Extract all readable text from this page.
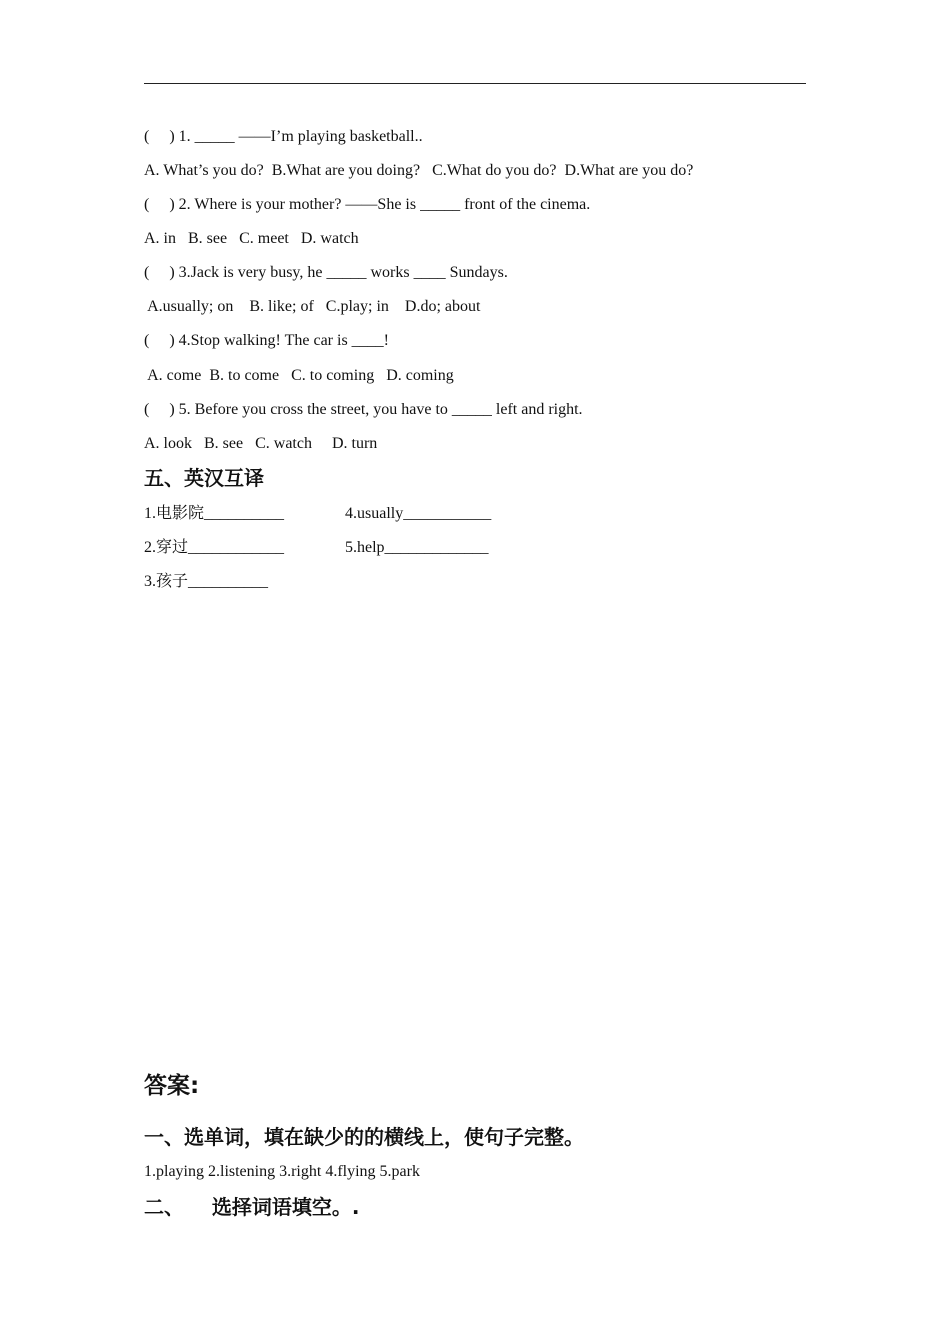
(     ) 1. _____ ——I’m playing basketball..
A. What’s you do?  B.What are you doing?   C.What do you do?  D.What are you do?
(     ) 2. Where is your mother? ——She is _____ front of the cinema.
A. in   B. see   C. meet   D. watch
(     ) 3.Jack is very busy, he _____ works ____ Sundays.
A.usually; on    B. like; of   C.play; in    D.do; about
(     ) 4.Stop walking! The car is ____!
A. come  B. to come   C. to coming   D. coming
(     ) 5. Before you cross the street, you have to _____ left and right.
A. look   B. see   C. watch     D. turn
五、英汉互译
1.电影院__________	4.usually___________
2.穿过____________	5.help_____________
3.孩子__________
答案:
一、选单词，填在缺少的的横线上，使句子完整。
1.playing 2.listening 3.right 4.flying 5.park
二、    选择词语填空。.
